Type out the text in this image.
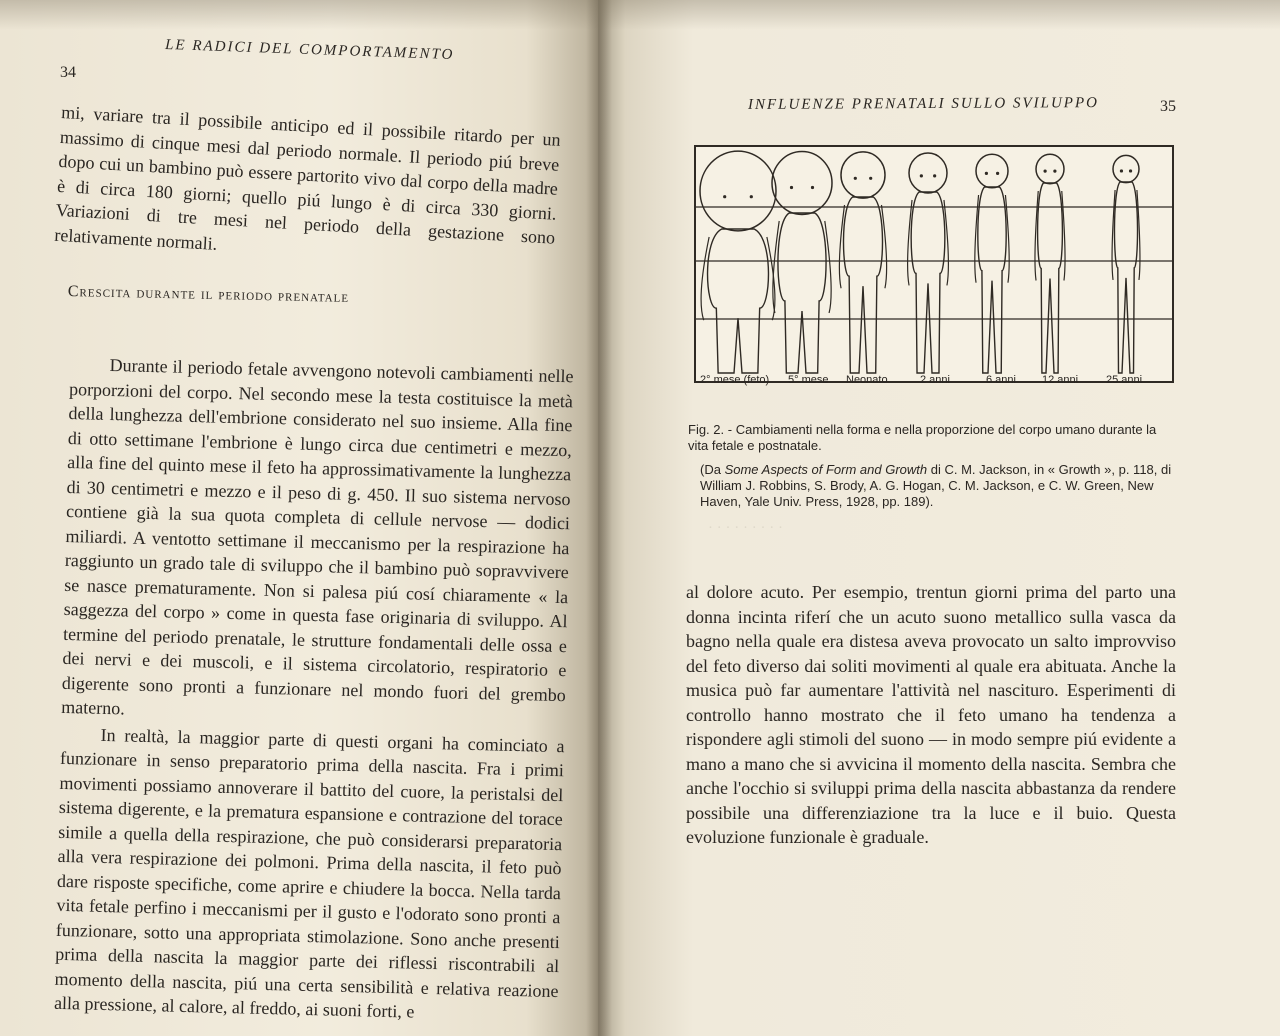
LE RADICI DEL COMPORTAMENTO
34

mi, variare tra il possibile anticipo ed il possibile ritardo per un massimo di cinque mesi dal periodo normale. Il periodo piú breve dopo cui un bambino può essere partorito vivo dal corpo della madre è di circa 180 giorni; quello piú lungo è di circa 330 giorni. Variazioni di tre mesi nel periodo della gestazione sono relativamente normali.

Crescita durante il periodo prenatale

Durante il periodo fetale avvengono notevoli cambiamenti nelle porporzioni del corpo. Nel secondo mese la testa costituisce la metà della lunghezza dell'embrione considerato nel suo insieme. Alla fine di otto settimane l'embrione è lungo circa due centimetri e mezzo, alla fine del quinto mese il feto ha approssimativamente la lunghezza di 30 centimetri e mezzo e il peso di g. 450. Il suo sistema nervoso contiene già la sua quota completa di cellule nervose — dodici miliardi. A ventotto settimane il meccanismo per la respirazione ha raggiunto un grado tale di sviluppo che il bambino può sopravvivere se nasce prematuramente. Non si palesa piú cosí chiaramente « la saggezza del corpo » come in questa fase originaria di sviluppo. Al termine del periodo prenatale, le strutture fondamentali delle ossa e dei nervi e dei muscoli, e il sistema circolatorio, respiratorio e digerente sono pronti a funzionare nel mondo fuori del grembo materno.

In realtà, la maggior parte di questi organi ha cominciato a funzionare in senso preparatorio prima della nascita. Fra i primi movimenti possiamo annoverare il battito del cuore, la peristalsi del sistema digerente, e la prematura espansione e contrazione del torace simile a quella della respirazione, che può considerarsi preparatoria alla vera respirazione dei polmoni. Prima della nascita, il feto può dare risposte specifiche, come aprire e chiudere la bocca. Nella tarda vita fetale perfino i meccanismi per il gusto e l'odorato sono pronti a funzionare, sotto una appropriata stimolazione. Sono anche presenti prima della nascita la maggior parte dei riflessi riscontrabili al momento della nascita, piú una certa sensibilità e relativa reazione alla pressione, al calore, al freddo, ai suoni forti, e

· · · · · · · · ·
INFLUENZE PRENATALI SULLO SVILUPPO	35
2° mese (feto) 5° mese Neonato	2 anni	6 anni 12 anni	25 anni
Fig. 2. - Cambiamenti nella forma e nella proporzione del corpo umano durante la vita fetale e postnatale.
(Da Some Aspects of Form and Growth di C. M. Jackson, in « Growth », p. 118, di William J. Robbins, S. Brody, A. G. Hogan, C. M. Jackson, e C. W. Green, New Haven, Yale Univ. Press, 1928, pp. 189).

al dolore acuto. Per esempio, trentun giorni prima del parto una donna incinta riferí che un acuto suono metallico sulla vasca da bagno nella quale era distesa aveva provocato un salto improvviso del feto diverso dai soliti movimenti al quale era abituata. Anche la musica può far aumentare l'attività nel nascituro. Esperimenti di controllo hanno mostrato che il feto umano ha tendenza a rispondere agli stimoli del suono — in modo sempre piú evidente a mano a mano che si avvicina il momento della nascita. Sembra che anche l'occhio si sviluppi prima della nascita abbastanza da rendere possibile una differenziazione tra la luce e il buio. Questa evoluzione funzionale è graduale.
